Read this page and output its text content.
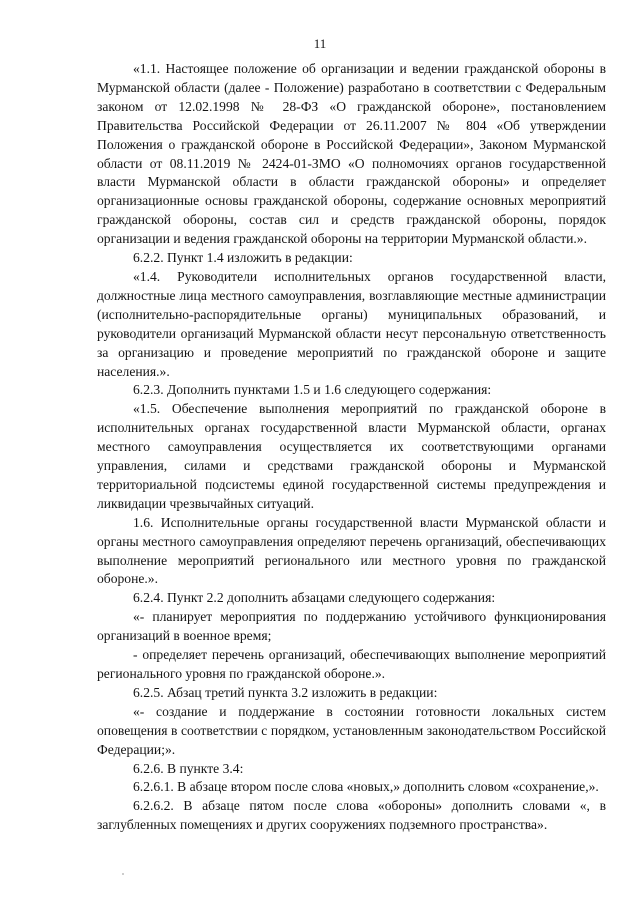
11

«1.1. Настоящее положение об организации и ведении гражданской обороны в Мурманской области (далее - Положение) разработано в соответствии с Федеральным законом от 12.02.1998 № 28-ФЗ «О гражданской обороне», постановлением Правительства Российской Федерации от 26.11.2007 № 804 «Об утверждении Положения о гражданской обороне в Российской Федерации», Законом Мурманской области от 08.11.2019 № 2424-01-ЗМО «О полномочиях органов государственной власти Мурманской области в области гражданской обороны» и определяет организационные основы гражданской обороны, содержание основных мероприятий гражданской обороны, состав сил и средств гражданской обороны, порядок организации и ведения гражданской обороны на территории Мурманской области.».

6.2.2. Пункт 1.4 изложить в редакции:

«1.4. Руководители исполнительных органов государственной власти, должностные лица местного самоуправления, возглавляющие местные администрации (исполнительно-распорядительные органы) муниципальных образований, и руководители организаций Мурманской области несут персональную ответственность за организацию и проведение мероприятий по гражданской обороне и защите населения.».

6.2.3. Дополнить пунктами 1.5 и 1.6 следующего содержания:

«1.5. Обеспечение выполнения мероприятий по гражданской обороне в исполнительных органах государственной власти Мурманской области, органах местного самоуправления осуществляется их соответствующими органами управления, силами и средствами гражданской обороны и Мурманской территориальной подсистемы единой государственной системы предупреждения и ликвидации чрезвычайных ситуаций.

1.6. Исполнительные органы государственной власти Мурманской области и органы местного самоуправления определяют перечень организаций, обеспечивающих выполнение мероприятий регионального или местного уровня по гражданской обороне.».

6.2.4. Пункт 2.2 дополнить абзацами следующего содержания:

«- планирует мероприятия по поддержанию устойчивого функционирования организаций в военное время;

- определяет перечень организаций, обеспечивающих выполнение мероприятий регионального уровня по гражданской обороне.».

6.2.5. Абзац третий пункта 3.2 изложить в редакции:

«- создание и поддержание в состоянии готовности локальных систем оповещения в соответствии с порядком, установленным законодательством Российской Федерации;».

6.2.6. В пункте 3.4:

6.2.6.1. В абзаце втором после слова «новых,» дополнить словом «сохранение,».

6.2.6.2. В абзаце пятом после слова «обороны» дополнить словами «, в заглубленных помещениях и других сооружениях подземного пространства».
